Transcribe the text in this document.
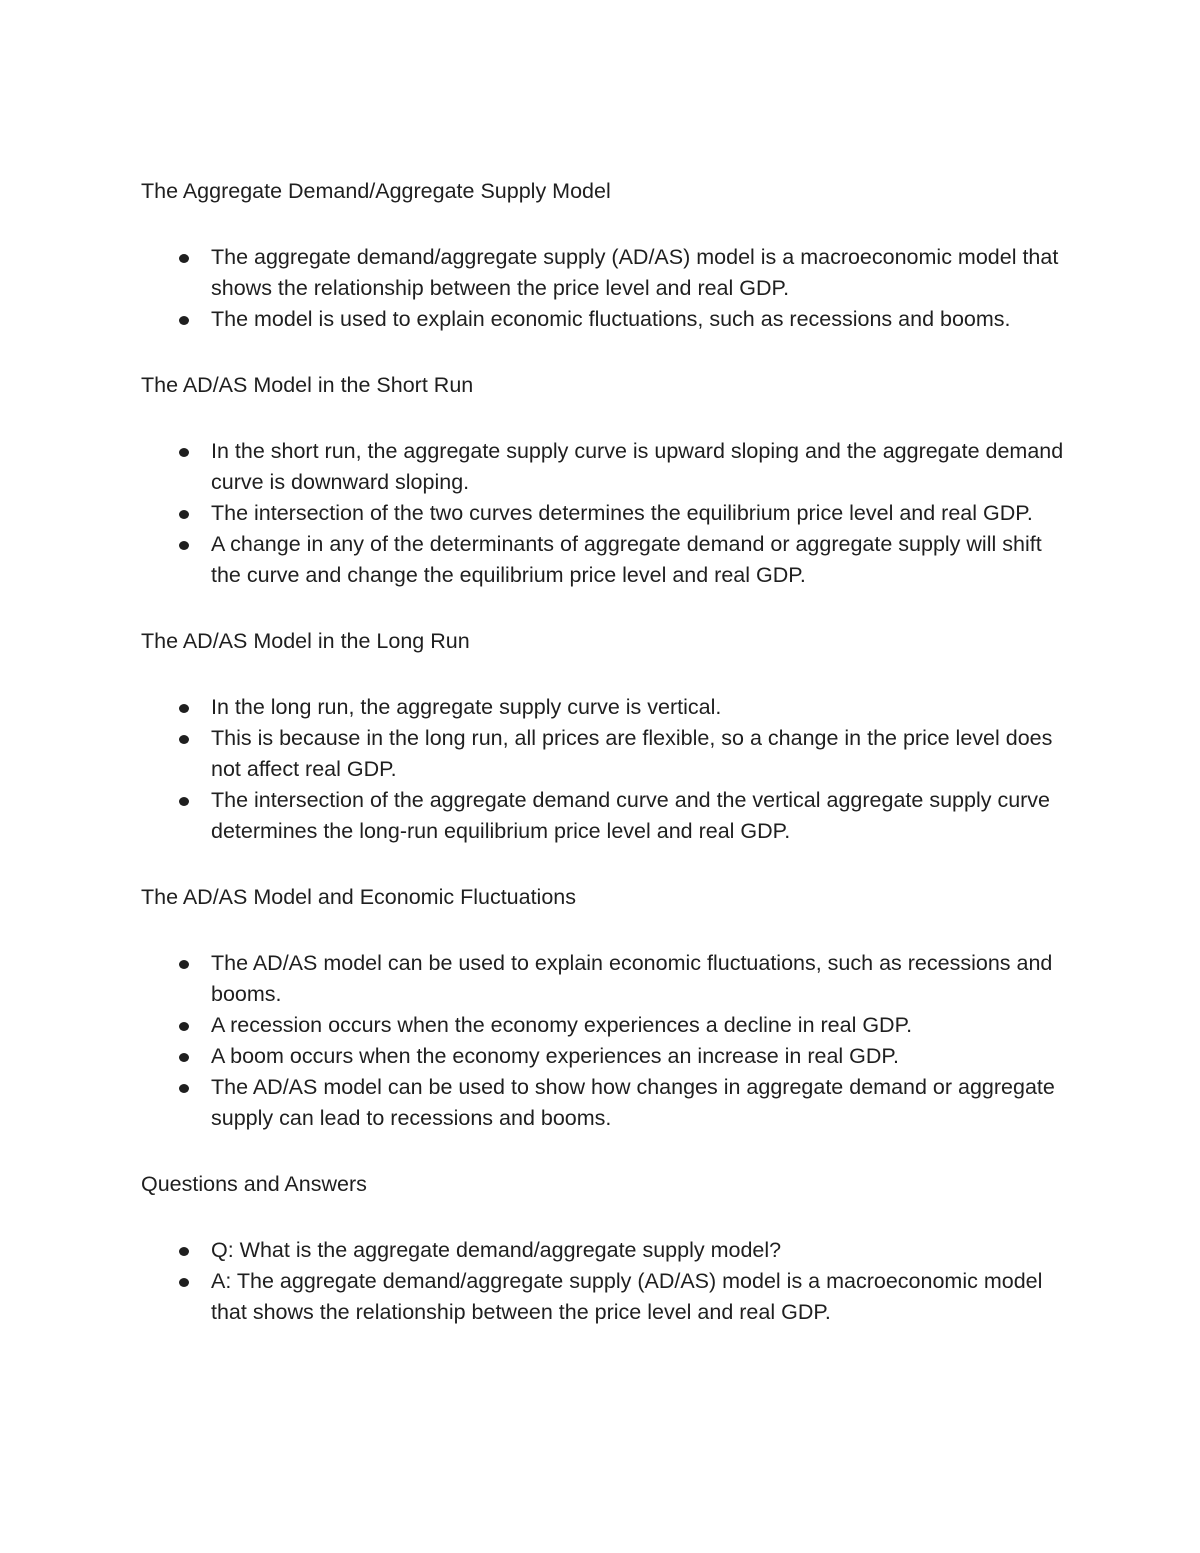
The Aggregate Demand/Aggregate Supply Model
The aggregate demand/aggregate supply (AD/AS) model is a macroeconomic model that shows the relationship between the price level and real GDP.
The model is used to explain economic fluctuations, such as recessions and booms.
The AD/AS Model in the Short Run
In the short run, the aggregate supply curve is upward sloping and the aggregate demand curve is downward sloping.
The intersection of the two curves determines the equilibrium price level and real GDP.
A change in any of the determinants of aggregate demand or aggregate supply will shift the curve and change the equilibrium price level and real GDP.
The AD/AS Model in the Long Run
In the long run, the aggregate supply curve is vertical.
This is because in the long run, all prices are flexible, so a change in the price level does not affect real GDP.
The intersection of the aggregate demand curve and the vertical aggregate supply curve determines the long-run equilibrium price level and real GDP.
The AD/AS Model and Economic Fluctuations
The AD/AS model can be used to explain economic fluctuations, such as recessions and booms.
A recession occurs when the economy experiences a decline in real GDP.
A boom occurs when the economy experiences an increase in real GDP.
The AD/AS model can be used to show how changes in aggregate demand or aggregate supply can lead to recessions and booms.
Questions and Answers
Q: What is the aggregate demand/aggregate supply model?
A: The aggregate demand/aggregate supply (AD/AS) model is a macroeconomic model that shows the relationship between the price level and real GDP.
